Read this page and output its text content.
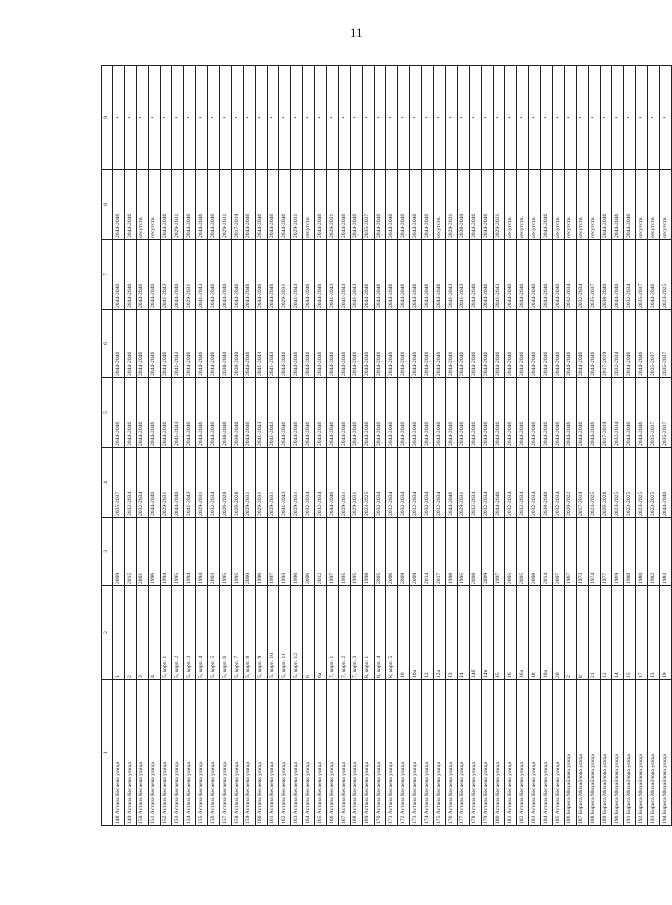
11
1	2	3	4	5	6	7	8	9
148 Астана Кесаева улица	1	2009	2035-2037	2044-2046	2044-2046	2044-2046	2044-2046	•
149 Астана Кесаева улица	2	2015	2032-2034	2044-2046	2044-2046	2044-2046	2044-2046	•
150 Астана Кесаева улица	3	2001	2032-2034	2044-2046	2044-2046	2044-2046	отсутств.	•
151 Астана Кесаева улица	4	1996	2044-2046	2044-2046	2044-2046	2044-2046	отсутств.	•
152 Астана Кесаева улица	5, корп. 1	1994	2029-2031	2044-2046	2044-2046	2041-2043	2044-2046	•
153 Астана Кесаева улица	5, корп. 2	1995	2044-2046	2041-2043	2041-2043	2044-2046	2029-2031	•
154 Астана Кесаева улица	5, корп. 3	1994	2041-2043	2044-2046	2044-2046	2029-2031	2044-2046	•
155 Астана Кесаева улица	5, корп. 4	1994	2029-2031	2044-2046	2044-2046	2041-2043	2044-2046	•
156 Астана Кесаева улица	5, корп. 5	2003	2032-2034	2044-2046	2044-2046	2044-2046	2044-2046	•
157 Астана Кесаева улица	5, корп. 6	1995	2026-2028	2038-2040	2038-2040	2044-2046	2029-2031	•
158 Астана Кесаева улица	5, корп. 7	1995	2026-2028	2038-2040	2038-2040	2044-2046	2017-2019	•
159 Астана Кесаева улица	5, корп. 8	2000	2029-2031	2044-2046	2044-2046	2044-2046	2044-2046	•
160 Астана Кесаева улица	5, корп. 9	1996	2029-2031	2041-2043	2041-2043	2044-2046	2044-2046	•
161 Астана Кесаева улица	5, корп. 10	1997	2029-2031	2041-2043	2041-2043	2044-2046	2044-2046	•
162 Астана Кесаева улица	5, корп. 11	1993	2041-2043	2044-2046	2044-2046	2029-2031	2044-2046	•
163 Астана Кесаева улица	5, корп. 12	1996	2029-2031	2044-2046	2044-2046	2041-2043	2029-2031	•
164 Астана Кесаева улица	6	2006	2032-2034	2044-2046	2044-2046	2044-2046	отсутств.	•
165 Астана Кесаева улица	6а	2012	2032-2034	2044-2046	2044-2046	2044-2046	2044-2046	•
166 Астана Кесаева улица	7, корп. 1	1997	2044-2046	2044-2046	2044-2046	2041-2043	2029-2031	•
167 Астана Кесаева улица	7, корп. 2	1995	2029-2031	2044-2046	2044-2046	2041-2043	2044-2046	•
168 Астана Кесаева улица	7, корп. 3	1995	2029-2031	2044-2046	2044-2046	2041-2043	2044-2046	•
169 Астана Кесаева улица	8, корп. 1	1998	2023-2025	2044-2046	2044-2046	2044-2046	2035-2037	•
170 Астана Кесаева улица	8, корп. 4	2005	2032-2034	2044-2046	2044-2046	2044-2046	2044-2046	•
171 Астана Кесаева улица	8, корп. 5	2006	2032-2034	2044-2046	2044-2046	2044-2046	2044-2046	•
172 Астана Кесаева улица	10	2009	2032-2034	2044-2046	2044-2046	2044-2046	2044-2046	•
173 Астана Кесаева улица	10а	2009	2032-2034	2044-2046	2044-2046	2044-2046	2044-2046	•
174 Астана Кесаева улица	12	2014	2032-2034	2044-2046	2044-2046	2044-2046	2044-2046	•
175 Астана Кесаева улица	12а	2017	2032-2034	2044-2046	2044-2046	2044-2046	отсутств.	•
176 Астана Кесаева улица	13	1998	2044-2046	2044-2046	2044-2046	2041-2043	2029-2031	•
177 Астана Кесаева улица	14	1995	2029-2031	2044-2046	2044-2046	2041-2043	2038-2040	•
178 Астана Кесаева улица	14б	2008	2032-2034	2044-2046	2044-2046	2044-2046	2044-2046	•
179 Астана Кесаева улица	14в	2009	2032-2034	2044-2046	2044-2046	2044-2046	2044-2046	•
180 Астана Кесаева улица	15	1997	2044-2046	2044-2046	2044-2046	2041-2043	2029-2031	•
181 Астана Кесаева улица	16	2005	2032-2034	2044-2046	2044-2046	2044-2046	отсутств.	•
182 Астана Кесаева улица	16а	2005	2032-2034	2044-2046	2044-2046	2044-2046	отсутств.	•
183 Астана Кесаева улица	18	2008	2032-2034	2044-2046	2044-2046	2044-2046	отсутств.	•
184 Астана Кесаева улица	18а	2014	2038-2040	2044-2046	2044-2046	2044-2046	2044-2046	•
185 Астана Кесаева улица	20	2007	2032-2034	2044-2046	2044-2046	2044-2046	отсутств.	•
186 Бориса Михайлова улица	2	1967	2020-2022	2044-2046	2044-2046	2032-2034	отсутств.	•
187 Бориса Михайлова улица	8	1973	2017-2019	2044-2046	2044-2046	2032-2034	отсутств.	•
188 Бориса Михайлова улица	21	1974	2023-2025	2044-2046	2044-2046	2035-2037	отсутств.	•
189 Бориса Михайлова улица	12	1977	2026-2028	2017-2019	2017-2019	2038-2040	2044-2046	•
190 Бориса Михайлова улица	14	1969	2023-2025	2032-2034	2032-2034	2044-2046	2044-2046	•
191 Бориса Михайлова улица	15	1980	2023-2025	2044-2046	2044-2046	2032-2034	2044-2046	•
192 Бориса Михайлова улица	17	1980	2023-2025	2044-2046	2044-2046	2035-2037	отсутств.	•
193 Бориса Михайлова улица	13	1982	2023-2025	2035-2037	2035-2037	2044-2046	отсутств.	•
194 Бориса Михайлова улица	19	1983	2044-2046	2035-2037	2035-2037	2023-2025	отсутств.	•
